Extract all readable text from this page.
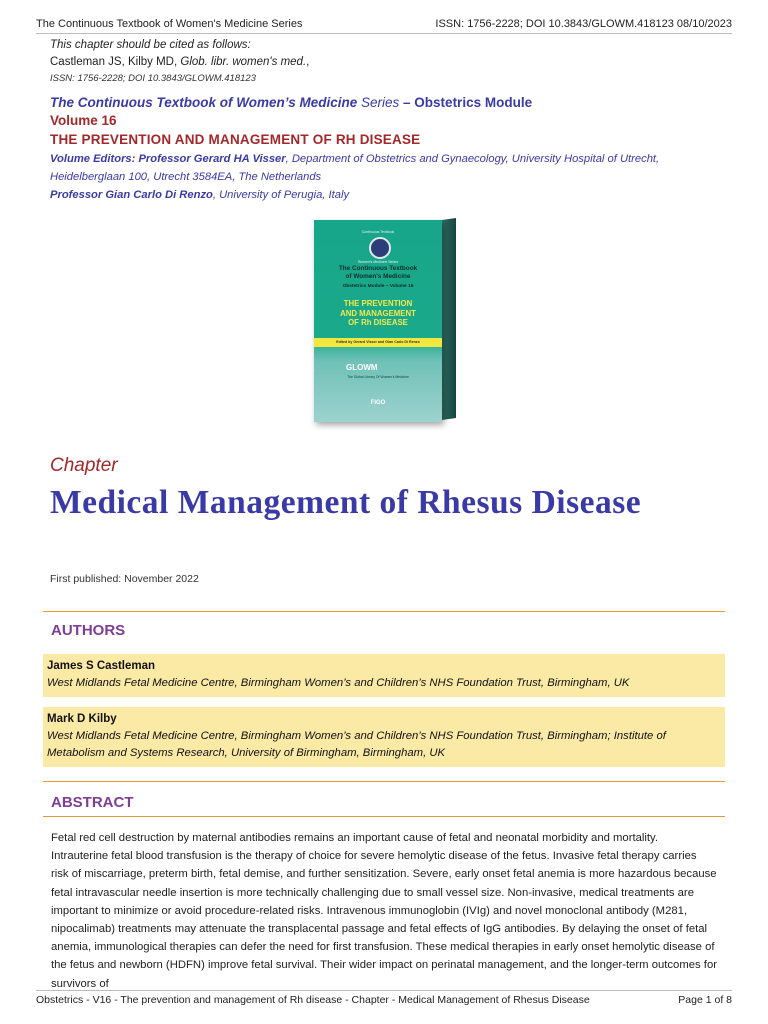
The Continuous Textbook of Women's Medicine Series	ISSN: 1756-2228; DOI 10.3843/GLOWM.418123 08/10/2023
This chapter should be cited as follows:
Castleman JS, Kilby MD, Glob. libr. women's med.,
ISSN: 1756-2228; DOI 10.3843/GLOWM.418123
The Continuous Textbook of Women’s Medicine Series – Obstetrics Module
Volume 16
THE PREVENTION AND MANAGEMENT OF RH DISEASE
Volume Editors: Professor Gerard HA Visser, Department of Obstetrics and Gynaecology, University Hospital of Utrecht,
Heidelberglaan 100, Utrecht 3584EA, The Netherlands
Professor Gian Carlo Di Renzo, University of Perugia, Italy
Continuous Textbook
Women's Medicine Series
The Continuous Textbook
of Women's Medicine
Obstetrics Module – Volume 16
THE PREVENTION
AND MANAGEMENT
OF Rh DISEASE
Edited by Gerard Visser and Gian Carlo Di Renzo
GLOWM
The Global Library Of Women's Medicine
FIGO
Chapter
Medical Management of Rhesus Disease
First published: November 2022
AUTHORS
James S Castleman
West Midlands Fetal Medicine Centre, Birmingham Women’s and Children’s NHS Foundation Trust, Birmingham, UK
Mark D Kilby
West Midlands Fetal Medicine Centre, Birmingham Women’s and Children’s NHS Foundation Trust, Birmingham; Institute of Metabolism and Systems Research, University of Birmingham, Birmingham, UK
ABSTRACT
Fetal red cell destruction by maternal antibodies remains an important cause of fetal and neonatal morbidity and mortality. Intrauterine fetal blood transfusion is the therapy of choice for severe hemolytic disease of the fetus. Invasive fetal therapy carries risk of miscarriage, preterm birth, fetal demise, and further sensitization. Severe, early onset fetal anemia is more hazardous because fetal intravascular needle insertion is more technically challenging due to small vessel size. Non-invasive, medical treatments are important to minimize or avoid procedure-related risks. Intravenous immunoglobin (IVIg) and novel monoclonal antibody (M281, nipocalimab) treatments may attenuate the transplacental passage and fetal effects of IgG antibodies. By delaying the onset of fetal anemia, immunological therapies can defer the need for first transfusion. These medical therapies in early onset hemolytic disease of the fetus and newborn (HDFN) improve fetal survival. Their wider impact on perinatal management, and the longer-term outcomes for survivors of
Obstetrics - V16 - The prevention and management of Rh disease - Chapter - Medical Management of Rhesus Disease	Page 1 of 8
